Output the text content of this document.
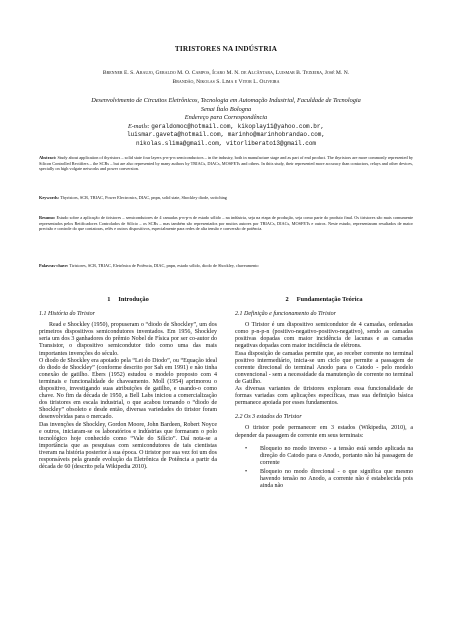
TIRISTORES NA INDÚSTRIA
Brenner E. S. Araujo, Geraldo M. O. Campos, Ícaro M. N. de Alcântara, Luismar B. Teixeira, José M. N.
Brandão, Nikolas S. Lima e Vitor L. Oliveira
Desenvolvimento de Circuitos Eletrônicos, Tecnologia em Automação Industrial, Faculdade de Tecnologia
Senai Ítalo Bologna
Endereço para Correspondência
E-mails: geraldomoc@hotmail.com, kikoplay11@yahoo.com.br,
luismar.gaveta@hotmail.com, marinho@marinhobrandao.com,
nikolas.slima@gmail.com, vitorliberato13@gmail.com
Abstract: Study about application of thyristors – solid state four layers p-n-p-n semiconductors – in the industry, both in manufacture stage and as part of end product. The thyristors are more commonly represented by Silicon Controlled Rectifiers – the SCRs – but are also represented by many authors by TRIACs, DIACs, MOSFETs and others. In thits study, their represented more accuracy than contactors, relays and other devices, specially on high volgate networks and power conversion.
Keywords: Thyristors, SCR, TRIAC, Power Electronics, DIAC, pnpn, solid state, Shockley diode, switching
Resumo: Estudo sobre a aplicação de tiristores – semicondutores de 4 camadas p-n-p-n de estado sólido – na indústria, seja na etapa de produção, seja como parte do produto final. Os tiristores são mais comumente representados pelos Retificadores Controlados de Silício – os SCRs – mas também são representados por muitos autores por TRIACs, DIACs, MOSFETs e outros. Neste estudo, representaram resultados de maior precisão e controle do que contatoras, relés e outros dispositivos, especialmente para redes de alta tensão e conversão de potência.
Palavras-chave: Tiristores, SCR, TRIAC, Eletrônica de Potência, DIAC, pnpn, estado sólido, diodo de Shockley, chaveamento
1     Introdução
1.1 História do Tiristor

Read e Shockley (1950), propuseram o “diodo de Shockley”, um dos primeiros dispositivos semicondutores inventados. Em 1956, Shockley seria um dos 3 ganhadores do prêmio Nobel de Física por ser co-autor do Transistor, o dispositivo semicondutor tido como uma das mais importantes invenções do século.

O diodo de Shockley era apoiado pela “Lei do Diodo”, ou “Equação ideal do diodo de Shockley” (conforme descrito por Sah em 1991) e não tinha conexão de gatilho. Ebers (1952) estudou o modelo proposto com 4 terminais e funcionalidade de chaveamento. Moll (1954) aprimorou o dispositivo, investigando suas atribuições de gatilho, e usando-o como chave. No fim da década de 1950, a Bell Labs iniciou a comercialização dos tiristores em escala industrial, o que acabou tornando o “diodo de Shockley” obsoleto e desde então, diversas variedades do tiristor foram desenvolvidas para o mercado.

Das invenções de Shockley, Gordon Moore, John Bardeen, Robert Noyce e outros, iniciaram-se os laboratórios e indústrias que formaram o polo tecnológico hoje conhecido como “Vale do Silício”. Daí nota-se a importância que as pesquisas com semicondutores de tais cientistas tiveram na história posterior à sua época. O tiristor por sua vez foi um dos responsáveis pela grande evolução da Eletrônica de Potência a partir da década de 60 (descrito pela Wikipedia 2010).

2     Fundamentação Teórica
2.1 Definição e funcionamento do Tiristor

O Tiristor é um dispositivo semicondutor de 4 camadas, ordenadas como p-n-p-n (positivo-negativo-positivo-negativo), sendo as camadas positivas dopadas com maior incidência de lacunas e as camadas negativas dopadas com maior incidência de elétrons.

Essa disposição de camadas permite que, ao receber corrente no terminal positivo intermediário, inicia-se um ciclo que permite a passagem de corrente direcional do terminal Anodo para o Catodo - pelo modelo convencional - sem a necessidade da manutenção de corrente no terminal de Gatilho.

As diversas variantes de tiristores exploram essa funcionalidade de formas variadas com aplicações específicas, mas sua definição básica permanece apoiada por esses fundamentos.

2.2 Os 3 estados do Tiristor

O tiristor pode permanecer em 3 estados (Wikipedia, 2010), a depender da passagem de corrente em seus terminais:

• Bloqueio no modo inverso - a tensão está sendo aplicada na direção do Catodo para o Anodo, portanto não há passagem de corrente
• Bloqueio no modo direcional - o que significa que mesmo havendo tensão no Anodo, a corrente não é estabelecida pois ainda não
